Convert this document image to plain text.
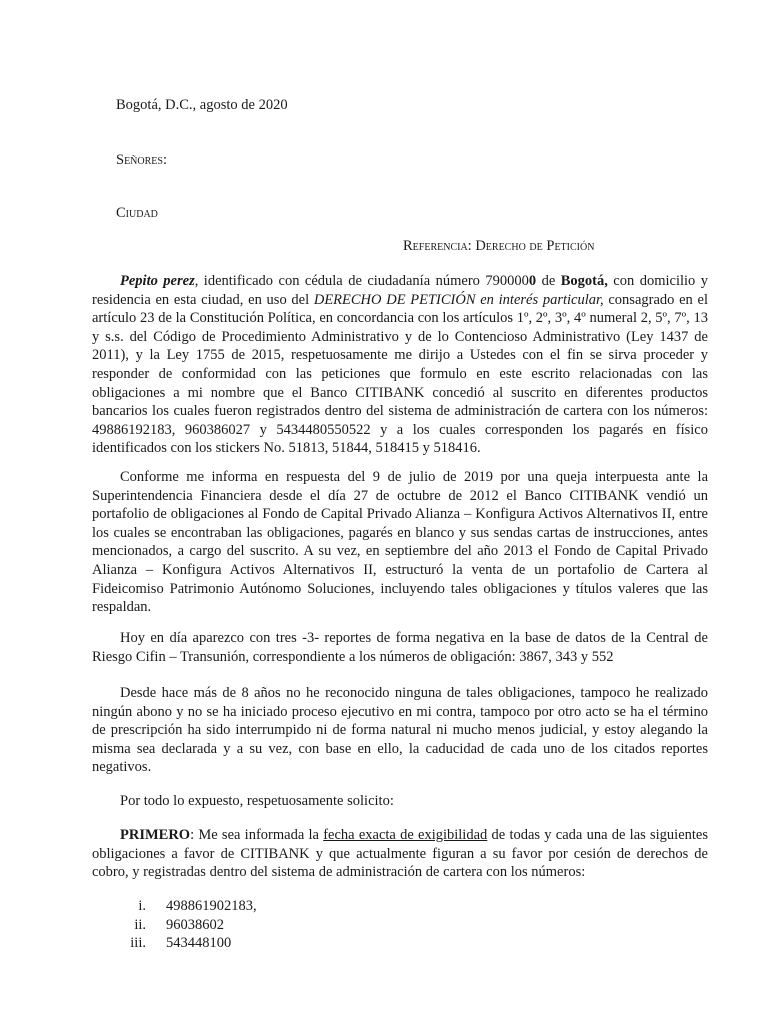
Bogotá, D.C., agosto de 2020
Señores:
Ciudad
Referencia: Derecho de Petición

Pepito perez, identificado con cédula de ciudadanía número 7900000 de Bogotá, con domicilio y residencia en esta ciudad, en uso del DERECHO DE PETICIÓN en interés particular, consagrado en el artículo 23 de la Constitución Política, en concordancia con los artículos 1º, 2º, 3º, 4º numeral 2, 5º, 7º, 13 y s.s. del Código de Procedimiento Administrativo y de lo Contencioso Administrativo (Ley 1437 de 2011), y la Ley 1755 de 2015, respetuosamente me dirijo a Ustedes con el fin se sirva proceder y responder de conformidad con las peticiones que formulo en este escrito relacionadas con las obligaciones a mi nombre que el Banco CITIBANK concedió al suscrito en diferentes productos bancarios los cuales fueron registrados dentro del sistema de administración de cartera con los números: 49886192183, 960386027 y 5434480550522 y a los cuales corresponden los pagarés en físico identificados con los stickers No. 51813, 51844, 518415 y 518416.

Conforme me informa en respuesta del 9 de julio de 2019 por una queja interpuesta ante la Superintendencia Financiera desde el día 27 de octubre de 2012 el Banco CITIBANK vendió un portafolio de obligaciones al Fondo de Capital Privado Alianza – Konfigura Activos Alternativos II, entre los cuales se encontraban las obligaciones, pagarés en blanco y sus sendas cartas de instrucciones, antes mencionados, a cargo del suscrito. A su vez, en septiembre del año 2013 el Fondo de Capital Privado Alianza – Konfigura Activos Alternativos II, estructuró la venta de un portafolio de Cartera al Fideicomiso Patrimonio Autónomo Soluciones, incluyendo tales obligaciones y títulos valeres que las respaldan.

Hoy en día aparezco con tres -3- reportes de forma negativa en la base de datos de la Central de Riesgo Cifin – Transunión, correspondiente a los números de obligación: 3867, 343 y 552

Desde hace más de 8 años no he reconocido ninguna de tales obligaciones, tampoco he realizado ningún abono y no se ha iniciado proceso ejecutivo en mi contra, tampoco por otro acto se ha el término de prescripción ha sido interrumpido ni de forma natural ni mucho menos judicial, y estoy alegando la misma sea declarada y a su vez, con base en ello, la caducidad de cada uno de los citados reportes negativos.

Por todo lo expuesto, respetuosamente solicito:

PRIMERO: Me sea informada la fecha exacta de exigibilidad de todas y cada una de las siguientes obligaciones a favor de CITIBANK y que actualmente figuran a su favor por cesión de derechos de cobro, y registradas dentro del sistema de administración de cartera con los números:

i. 498861902183,
ii. 96038602
iii. 543448100
